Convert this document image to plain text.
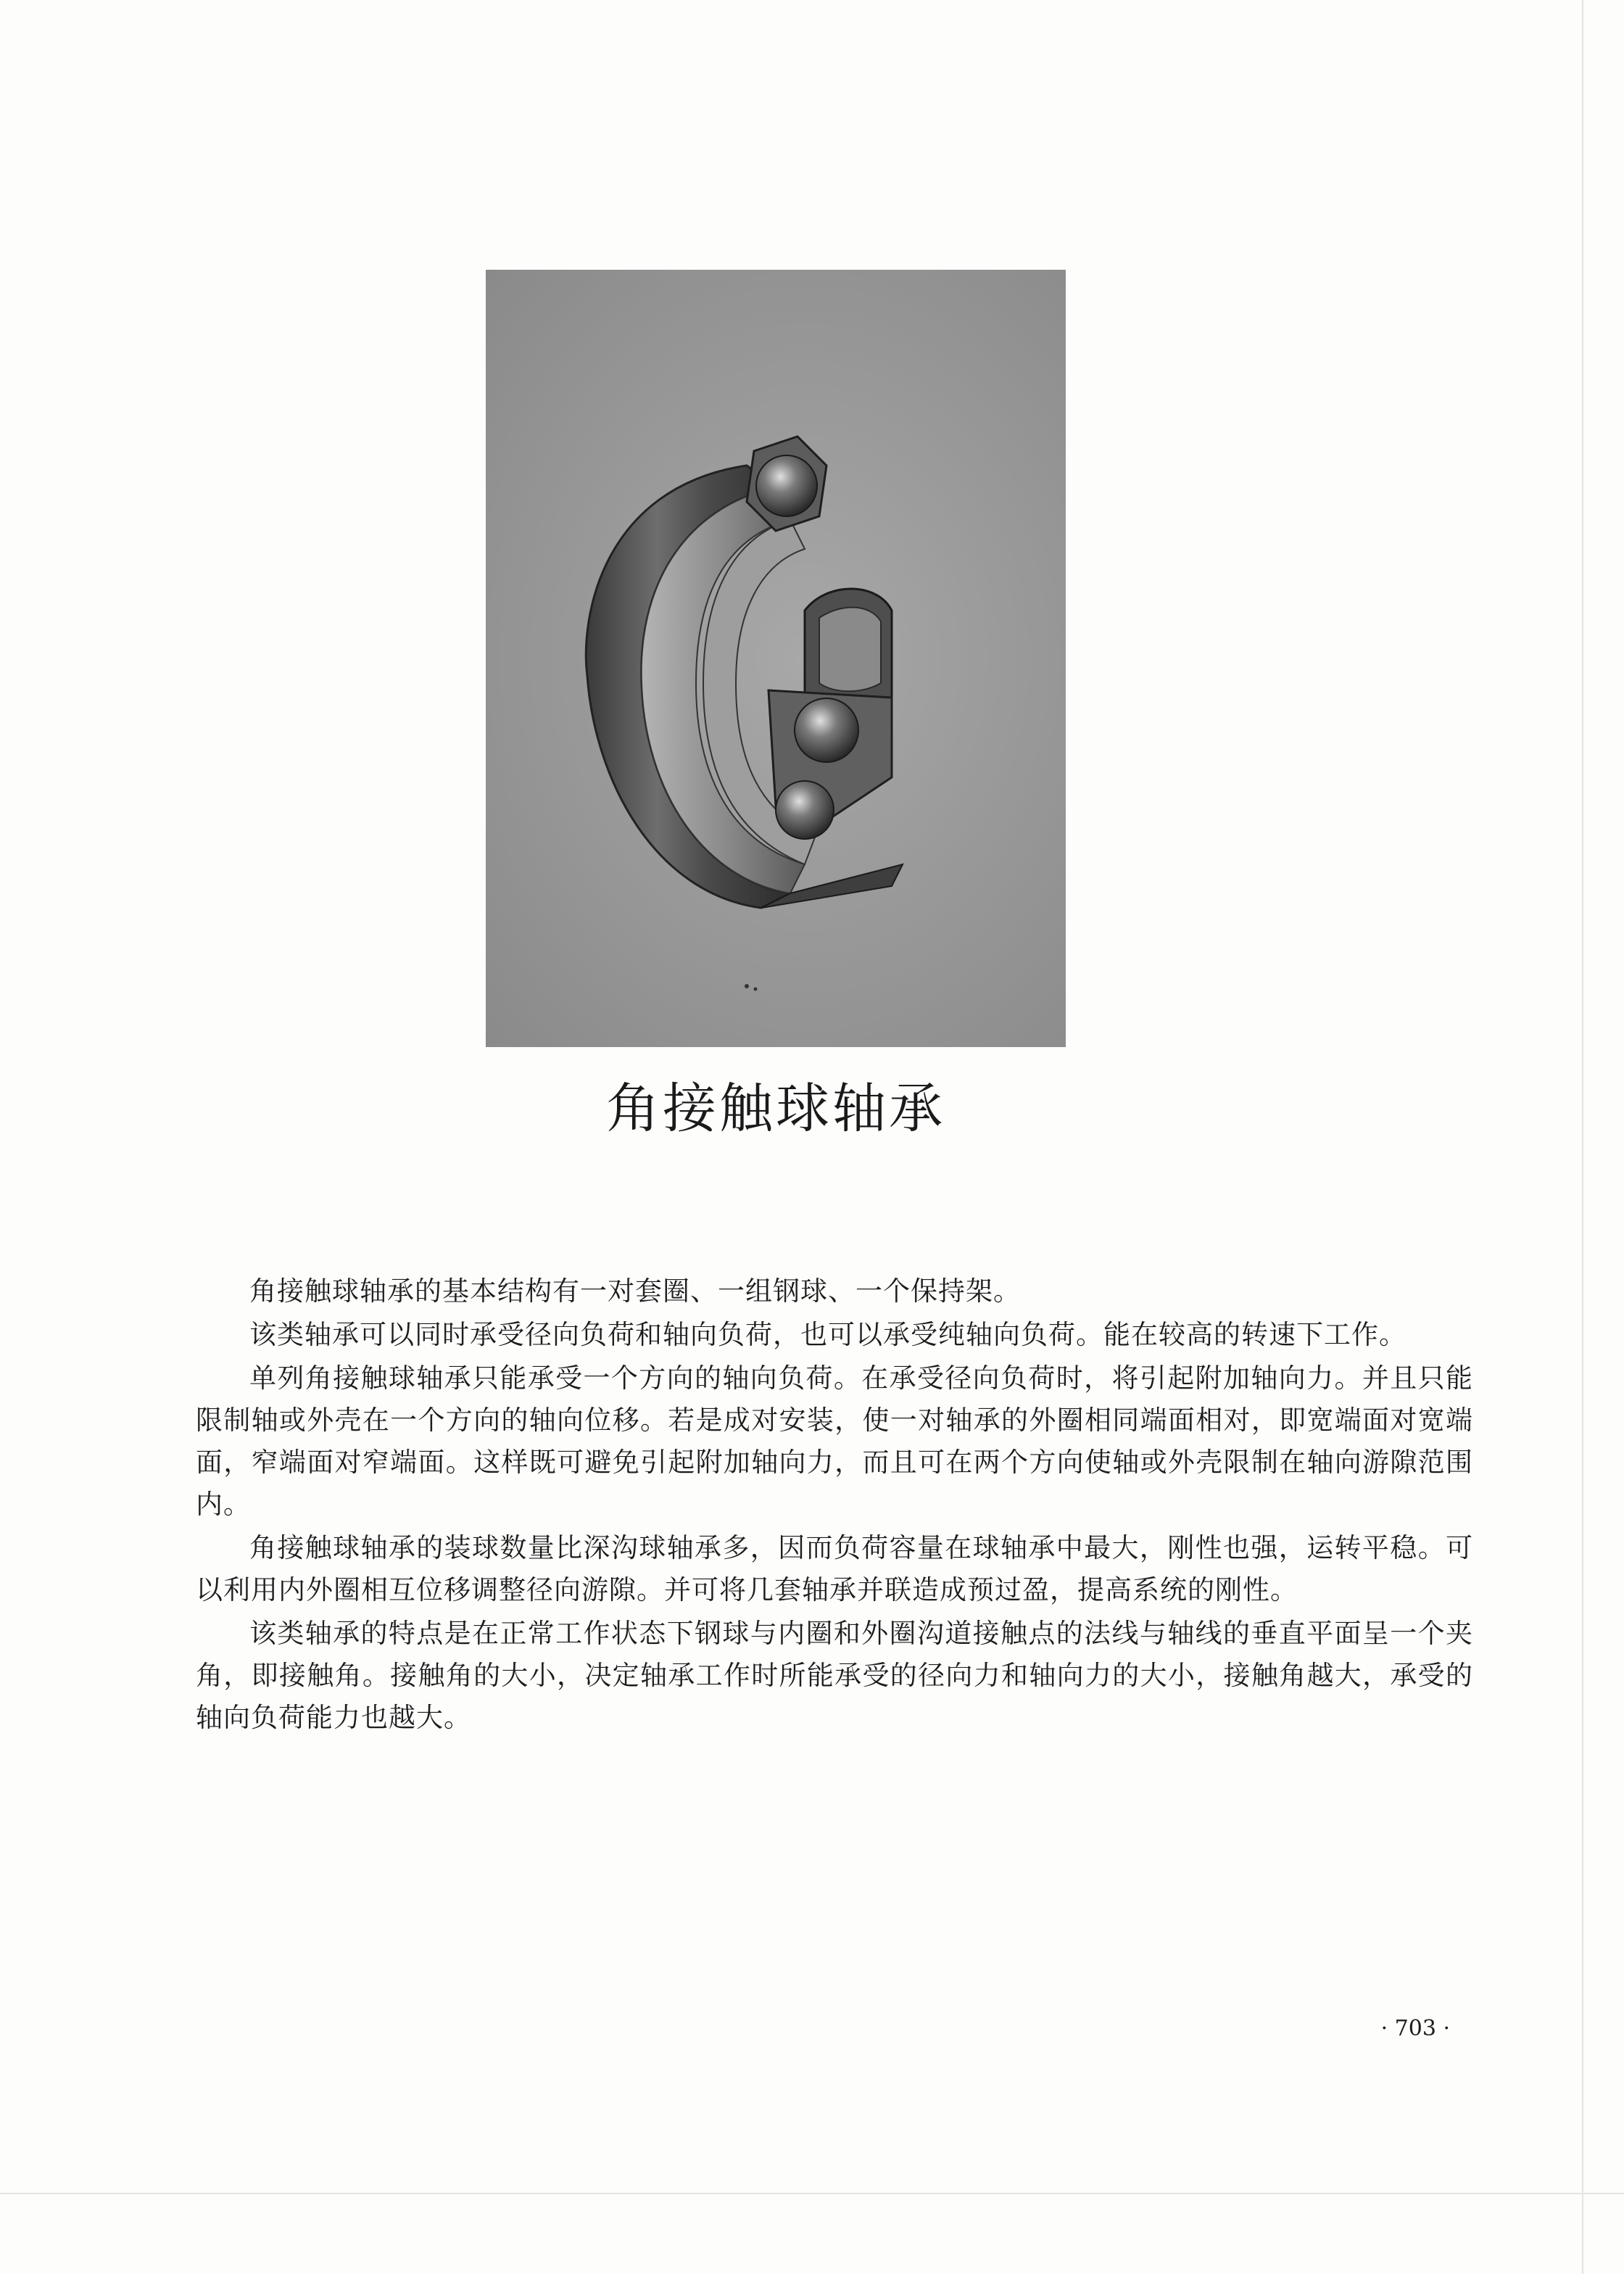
角接触球轴承

角接触球轴承的基本结构有一对套圈、一组钢球、一个保持架。

该类轴承可以同时承受径向负荷和轴向负荷，也可以承受纯轴向负荷。能在较高的转速下工作。

单列角接触球轴承只能承受一个方向的轴向负荷。在承受径向负荷时，将引起附加轴向力。并且只能限制轴或外壳在一个方向的轴向位移。若是成对安装，使一对轴承的外圈相同端面相对，即宽端面对宽端面，窄端面对窄端面。这样既可避免引起附加轴向力，而且可在两个方向使轴或外壳限制在轴向游隙范围内。

角接触球轴承的装球数量比深沟球轴承多，因而负荷容量在球轴承中最大，刚性也强，运转平稳。可以利用内外圈相互位移调整径向游隙。并可将几套轴承并联造成预过盈，提高系统的刚性。

该类轴承的特点是在正常工作状态下钢球与内圈和外圈沟道接触点的法线与轴线的垂直平面呈一个夹角，即接触角。接触角的大小，决定轴承工作时所能承受的径向力和轴向力的大小，接触角越大，承受的轴向负荷能力也越大。

· 703 ·
